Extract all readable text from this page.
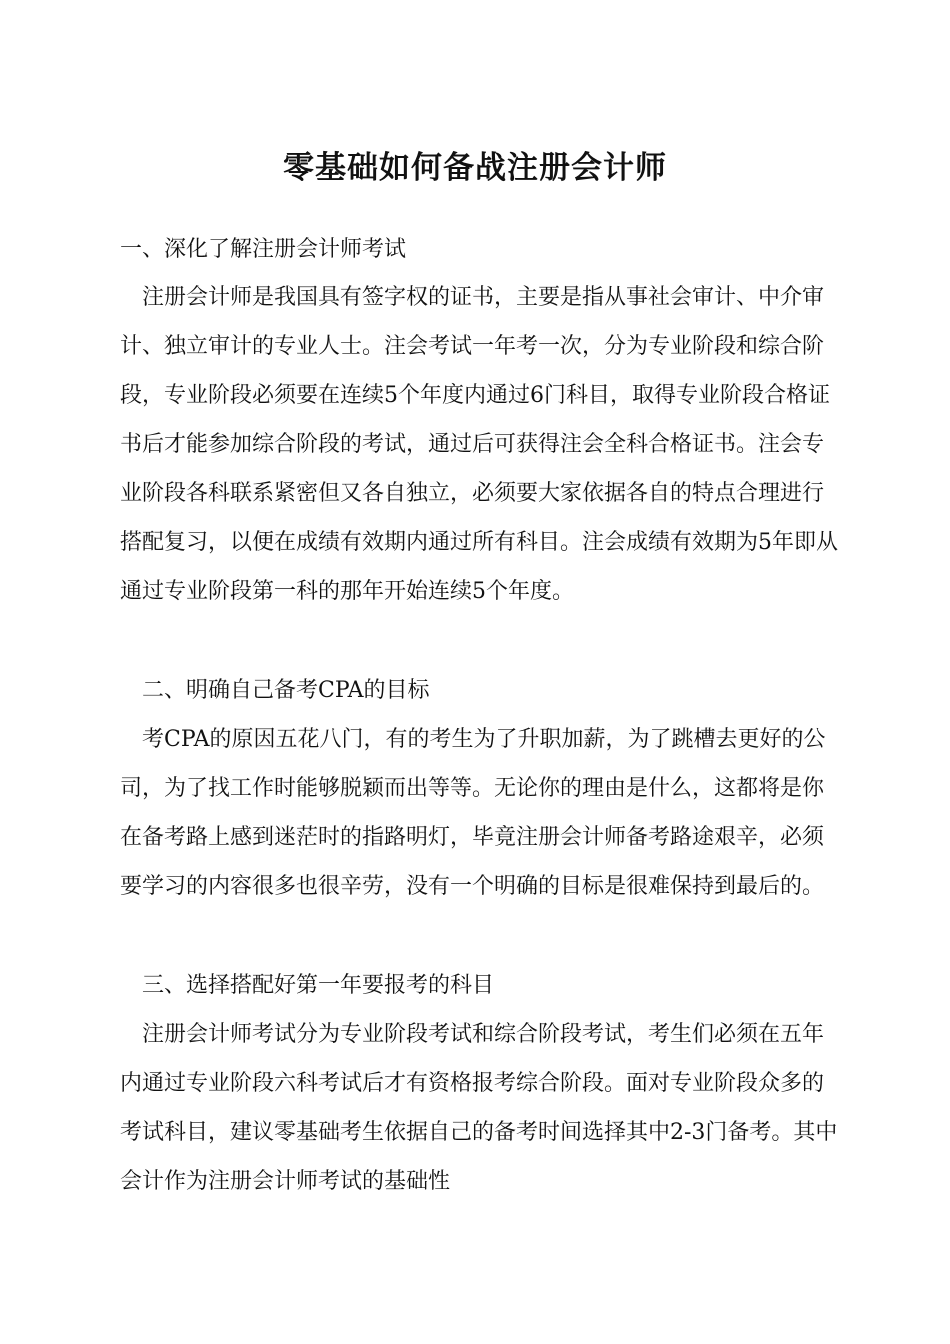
零基础如何备战注册会计师
一、深化了解注册会计师考试

注册会计师是我国具有签字权的证书，主要是指从事社会审计、中介审计、独立审计的专业人士。注会考试一年考一次，分为专业阶段和综合阶段，专业阶段必须要在连续5个年度内通过6门科目，取得专业阶段合格证书后才能参加综合阶段的考试，通过后可获得注会全科合格证书。注会专业阶段各科联系紧密但又各自独立，必须要大家依据各自的特点合理进行搭配复习，以便在成绩有效期内通过所有科目。注会成绩有效期为5年即从通过专业阶段第一科的那年开始连续5个年度。

二、明确自己备考CPA的目标

考CPA的原因五花八门，有的考生为了升职加薪，为了跳槽去更好的公司，为了找工作时能够脱颖而出等等。无论你的理由是什么，这都将是你在备考路上感到迷茫时的指路明灯，毕竟注册会计师备考路途艰辛，必须要学习的内容很多也很辛劳，没有一个明确的目标是很难保持到最后的。

三、选择搭配好第一年要报考的科目

注册会计师考试分为专业阶段考试和综合阶段考试，考生们必须在五年内通过专业阶段六科考试后才有资格报考综合阶段。面对专业阶段众多的考试科目，建议零基础考生依据自己的备考时间选择其中2-3门备考。其中会计作为注册会计师考试的基础性
